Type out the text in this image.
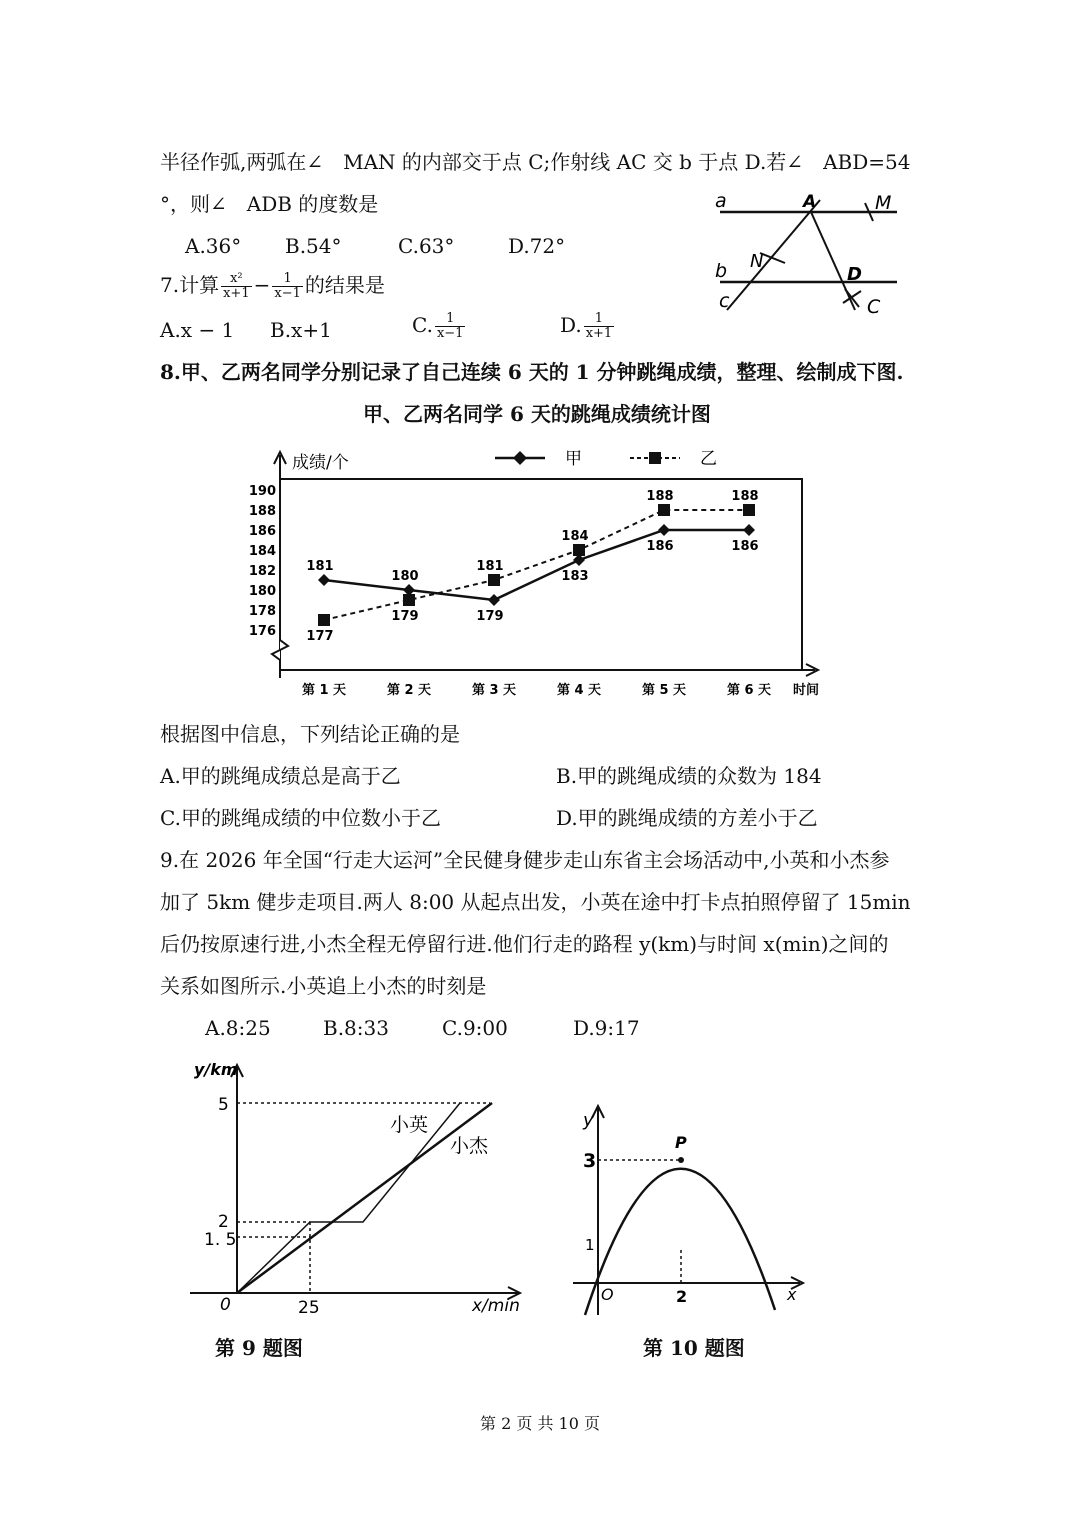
半径作弧,两弧在∠　MAN 的内部交于点 C;作射线 AC 交 b 于点 D.若∠　ABD=54
°，则∠　ADB 的度数是
A.36° B.54°	C.63°	D.72°
a	A	M
b N
D
c	C
7.计算 $\frac{\text{x²}}{x+1} - \frac{1}{x-1}$ 的结果是
A.x − 1 B.x+1	C. $\frac{1}{x-1}$	D. $\frac{1}{x+1}$
8.甲、乙两名同学分别记录了自己连续 6 天的 1 分钟跳绳成绩，整理、绘制成下图.
甲、乙两名同学 6 天的跳绳成绩统计图
成绩/个
时间
甲	乙
190
188
186
184
182
180
178
176
第 1 天	第 2 天	第 3 天	第 4 天	第 5 天	第 6 天
181
180
179
183
186	186
177
179
181
184
188	188
根据图中信息，下列结论正确的是
A.甲的跳绳成绩总是高于乙	B.甲的跳绳成绩的众数为 184
C.甲的跳绳成绩的中位数小于乙	D.甲的跳绳成绩的方差小于乙
9.在 2026 年全国“行走大运河”全民健身健步走山东省主会场活动中,小英和小杰参
加了 5km 健步走项目.两人 8:00 从起点出发，小英在途中打卡点拍照停留了 15min
后仍按原速行进,小杰全程无停留行进.他们行走的路程 y(km)与时间 x(min)之间的
关系如图所示.小英追上小杰的时刻是
A.8:25	B.8:33	C.9:00	D.9:17
y/km
x/min
0
5
2
1. 5
25
小英
小杰
第 9 题图
y
x
O
P
3
1
2
第 10 题图
第 2 页 共 10 页
